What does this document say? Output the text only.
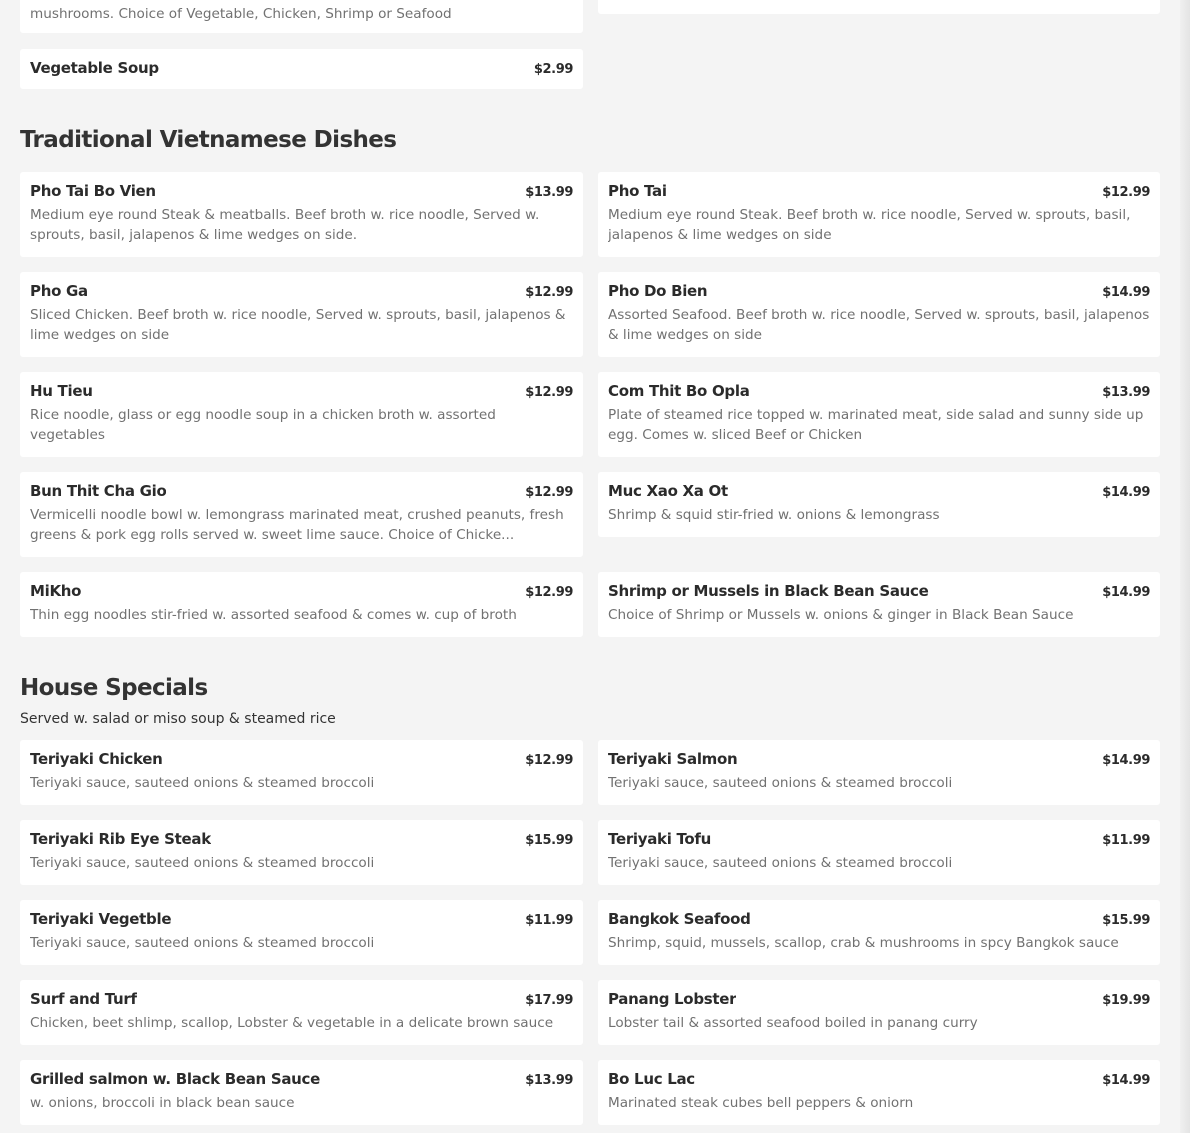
mushrooms. Choice of Vegetable, Chicken, Shrimp or Seafood
Vegetable Soup	$2.99
Traditional Vietnamese Dishes
Pho Tai Bo Vien	$13.99
Medium eye round Steak & meatballs. Beef broth w. rice noodle, Served w. sprouts, basil, jalapenos & lime wedges on side.
Pho Tai	$12.99
Medium eye round Steak. Beef broth w. rice noodle, Served w. sprouts, basil, jalapenos & lime wedges on side
Pho Ga	$12.99
Sliced Chicken. Beef broth w. rice noodle, Served w. sprouts, basil, jalapenos & lime wedges on side
Pho Do Bien	$14.99
Assorted Seafood. Beef broth w. rice noodle, Served w. sprouts, basil, jalapenos & lime wedges on side
Hu Tieu	$12.99
Rice noodle, glass or egg noodle soup in a chicken broth w. assorted vegetables
Com Thit Bo Opla	$13.99
Plate of steamed rice topped w. marinated meat, side salad and sunny side up egg. Comes w. sliced Beef or Chicken
Bun Thit Cha Gio	$12.99
Vermicelli noodle bowl w. lemongrass marinated meat, crushed peanuts, fresh greens & pork egg rolls served w. sweet lime sauce. Choice of Chicke...
Muc Xao Xa Ot	$14.99
Shrimp & squid stir-fried w. onions & lemongrass
MiKho	$12.99
Thin egg noodles stir-fried w. assorted seafood & comes w. cup of broth
Shrimp or Mussels in Black Bean Sauce	$14.99
Choice of Shrimp or Mussels w. onions & ginger in Black Bean Sauce
House Specials
Served w. salad or miso soup & steamed rice
Teriyaki Chicken	$12.99
Teriyaki sauce, sauteed onions & steamed broccoli
Teriyaki Salmon	$14.99
Teriyaki sauce, sauteed onions & steamed broccoli
Teriyaki Rib Eye Steak	$15.99
Teriyaki sauce, sauteed onions & steamed broccoli
Teriyaki Tofu	$11.99
Teriyaki sauce, sauteed onions & steamed broccoli
Teriyaki Vegetble	$11.99
Teriyaki sauce, sauteed onions & steamed broccoli
Bangkok Seafood	$15.99
Shrimp, squid, mussels, scallop, crab & mushrooms in spcy Bangkok sauce
Surf and Turf	$17.99
Chicken, beet shlimp, scallop, Lobster & vegetable in a delicate brown sauce
Panang Lobster	$19.99
Lobster tail & assorted seafood boiled in panang curry
Grilled salmon w. Black Bean Sauce	$13.99
w. onions, broccoli in black bean sauce
Bo Luc Lac	$14.99
Marinated steak cubes bell peppers & oniorn
